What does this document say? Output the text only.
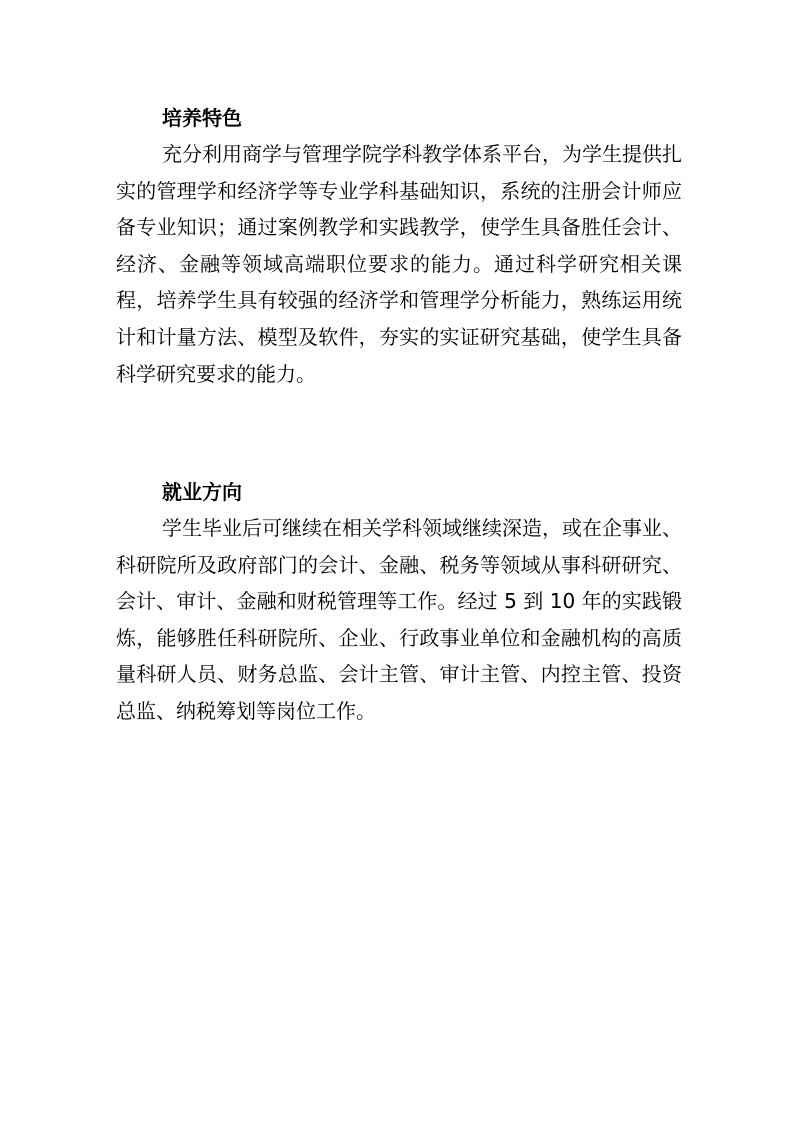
培养特色

充分利用商学与管理学院学科教学体系平台，为学生提供扎实的管理学和经济学等专业学科基础知识，系统的注册会计师应备专业知识；通过案例教学和实践教学，使学生具备胜任会计、经济、金融等领域高端职位要求的能力。通过科学研究相关课程，培养学生具有较强的经济学和管理学分析能力，熟练运用统计和计量方法、模型及软件，夯实的实证研究基础，使学生具备科学研究要求的能力。

就业方向

学生毕业后可继续在相关学科领域继续深造，或在企事业、科研院所及政府部门的会计、金融、税务等领域从事科研研究、会计、审计、金融和财税管理等工作。经过 5 到 10 年的实践锻炼，能够胜任科研院所、企业、行政事业单位和金融机构的高质量科研人员、财务总监、会计主管、审计主管、内控主管、投资总监、纳税筹划等岗位工作。
